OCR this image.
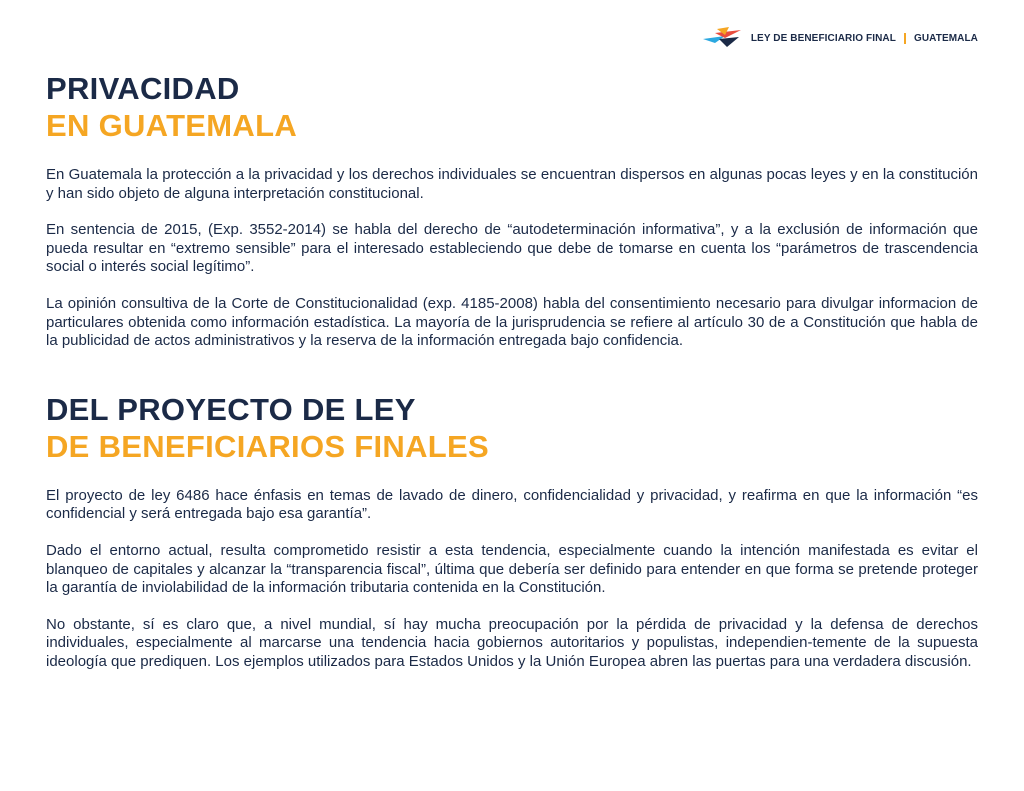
LEY DE BENEFICIARIO FINAL GUATEMALA
PRIVACIDAD
EN GUATEMALA

En Guatemala la protección a la privacidad y los derechos individuales se encuentran dispersos en algunas pocas leyes y en la constitución y han sido objeto de alguna interpretación constitucional.

En sentencia de 2015, (Exp. 3552-2014) se habla del derecho de “autodeterminación informativa”, y a la exclusión de información que pueda resultar en “extremo sensible” para el interesado estableciendo que debe de tomarse en cuenta los “parámetros de trascendencia social o interés social legítimo”.

La opinión consultiva de la Corte de Constitucionalidad (exp. 4185-2008) habla del consentimiento necesario para divulgar informacion de particulares obtenida como información estadística. La mayoría de la jurisprudencia se refiere al artículo 30 de a Constitución que habla de la publicidad de actos administrativos y la reserva de la información entregada bajo confidencia.

DEL PROYECTO DE LEY
DE BENEFICIARIOS FINALES

El proyecto de ley 6486 hace énfasis en temas de lavado de dinero, confidencialidad y privacidad, y reafirma en que la información “es confidencial y será entregada bajo esa garantía”.

Dado el entorno actual, resulta comprometido resistir a esta tendencia, especialmente cuando la intención manifestada es evitar el blanqueo de capitales y alcanzar la “transparencia fiscal”, última que debería ser definido para entender en que forma se pretende proteger la garantía de inviolabilidad de la información tributaria contenida en la Constitución.

No obstante, sí es claro que, a nivel mundial, sí hay mucha preocupación por la pérdida de privacidad y la defensa de derechos individuales, especialmente al marcarse una tendencia hacia gobiernos autoritarios y populistas, independien-temente de la supuesta ideología que prediquen. Los ejemplos utilizados para Estados Unidos y la Unión Europea abren las puertas para una verdadera discusión.
